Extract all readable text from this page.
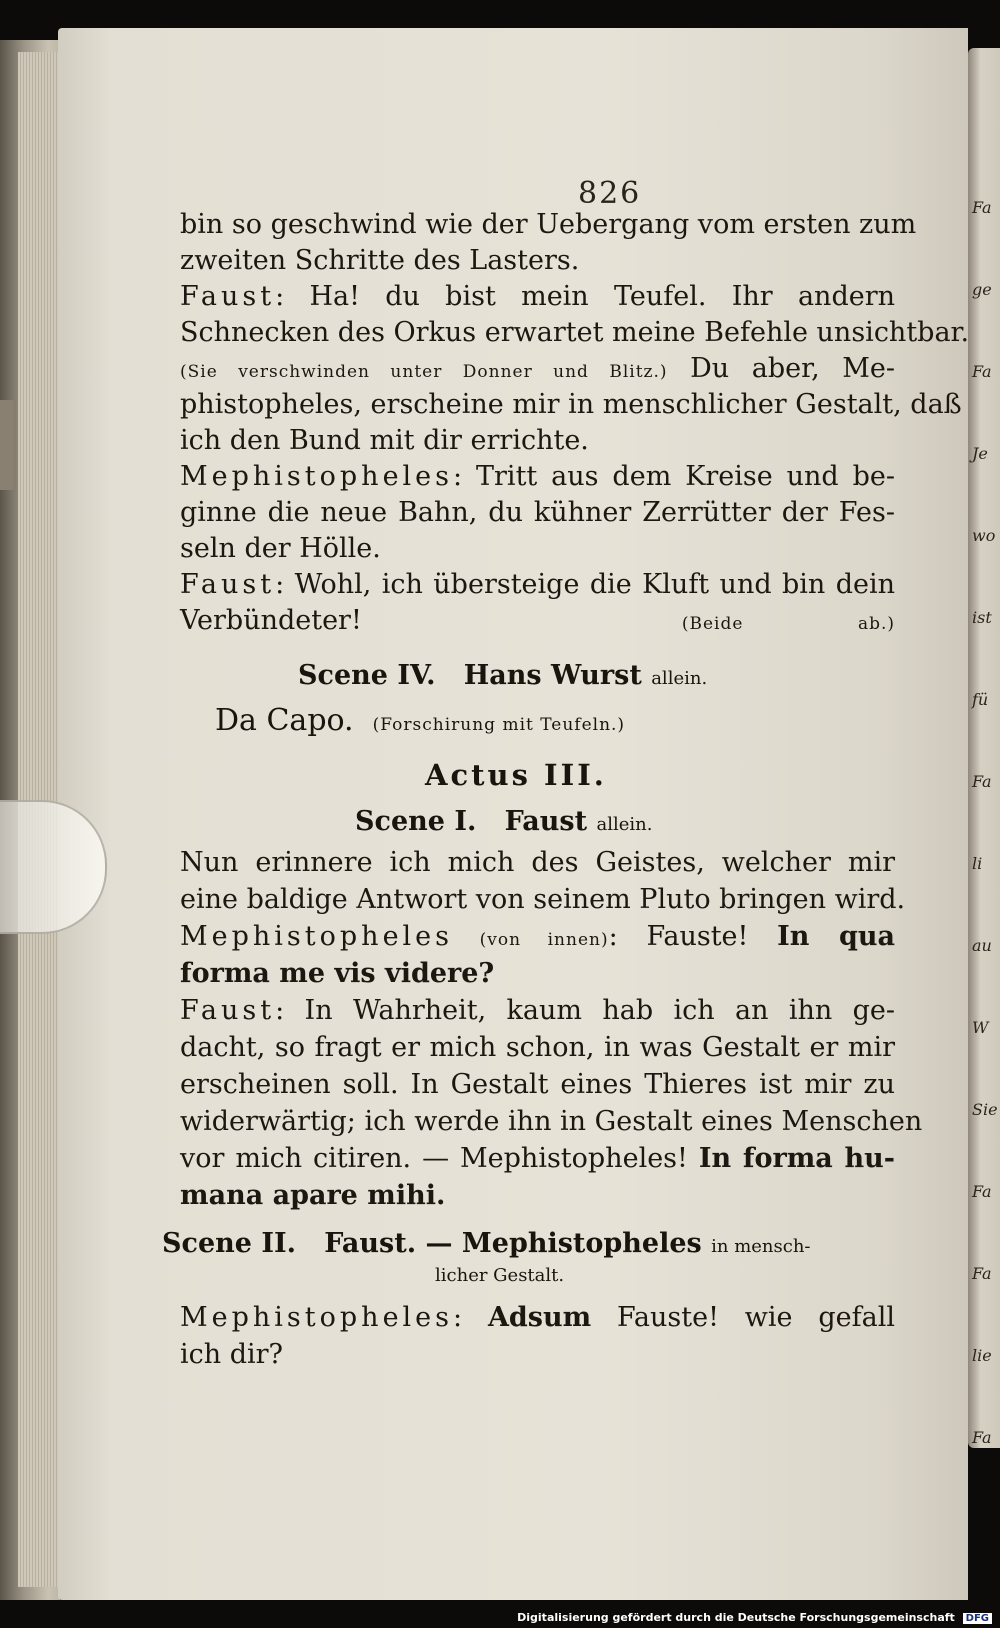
826	Fa
ge
Fa
Je
wo
ist
fü
Fa
li
au
W
Sie
Fa
Fa
lie
Fa
bin so geschwind wie der Uebergang vom ersten zum
zweiten Schritte des Lasters.
Faust: Ha! du bist mein Teufel. Ihr andern
Schnecken des Orkus erwartet meine Befehle unsichtbar.
(Sie verschwinden unter Donner und Blitz.) Du aber, Me-
phistopheles, erscheine mir in menschlicher Gestalt, daß
ich den Bund mit dir errichte.
Mephistopheles: Tritt aus dem Kreise und be-
ginne die neue Bahn, du kühner Zerrütter der Fes-
seln der Hölle.
Faust: Wohl, ich übersteige die Kluft und bin dein
Verbündeter!	(Beide ab.)
Scene IV. Hans Wurst allein.
Da Capo. (Forschirung mit Teufeln.)
Actus III.
Scene I. Faust allein.
Nun erinnere ich mich des Geistes, welcher mir
eine baldige Antwort von seinem Pluto bringen wird.
Mephistopheles (von innen): Fauste! In qua
forma me vis videre?
Faust: In Wahrheit, kaum hab ich an ihn ge-
dacht, so fragt er mich schon, in was Gestalt er mir
erscheinen soll. In Gestalt eines Thieres ist mir zu
widerwärtig; ich werde ihn in Gestalt eines Menschen
vor mich citiren. — Mephistopheles! In forma hu-
mana apare mihi.
Scene II. Faust. — Mephistopheles in mensch-
licher Gestalt.
Mephistopheles: Adsum Fauste! wie gefall
ich dir?
Digitalisierung gefördert durch die Deutsche Forschungsgemeinschaft DFG
